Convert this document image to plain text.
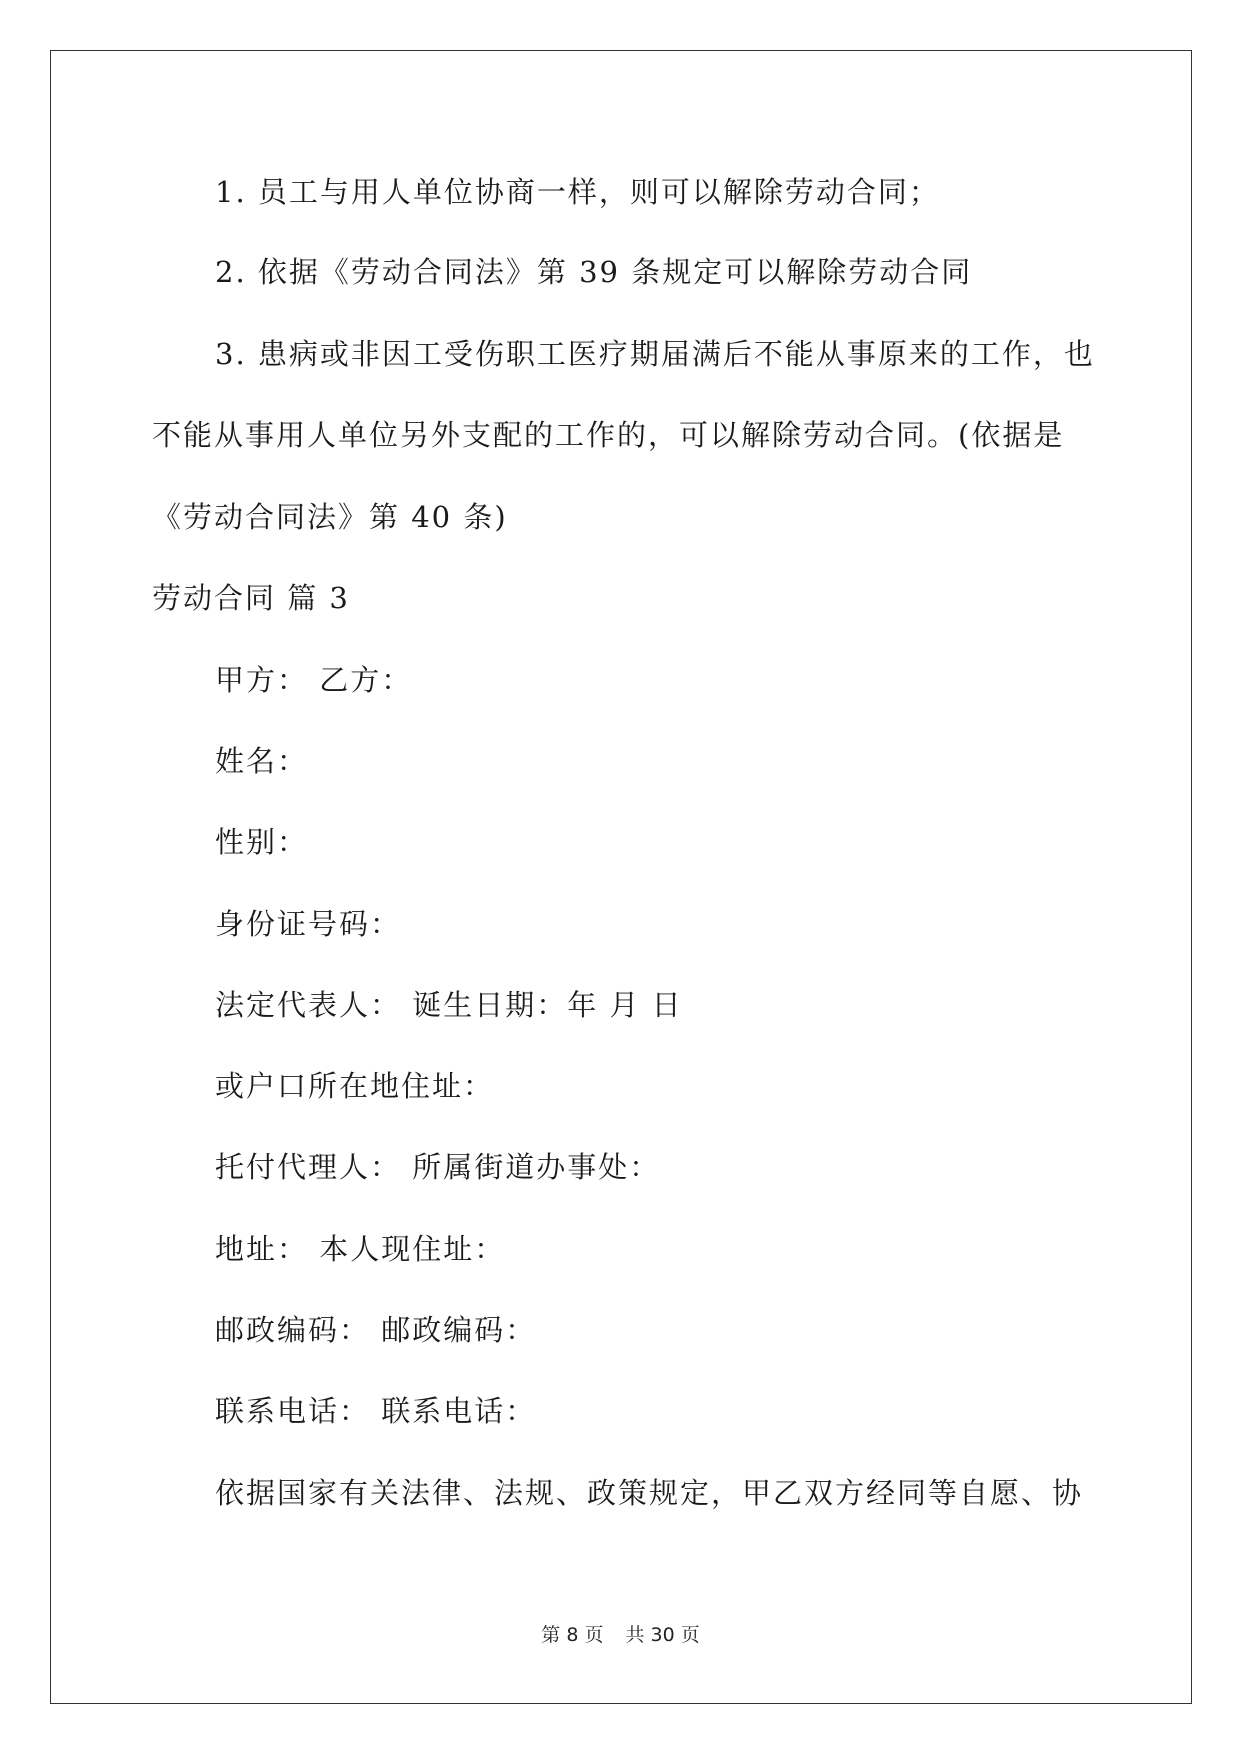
1. 员工与用人单位协商一样，则可以解除劳动合同；
2. 依据《劳动合同法》第 39 条规定可以解除劳动合同
3. 患病或非因工受伤职工医疗期届满后不能从事原来的工作，也
不能从事用人单位另外支配的工作的，可以解除劳动合同。(依据是
《劳动合同法》第 40 条)
劳动合同 篇 3
甲方： 乙方：
姓名：
性别：
身份证号码：
法定代表人： 诞生日期：年 月 日
或户口所在地住址：
托付代理人： 所属街道办事处：
地址： 本人现住址：
邮政编码： 邮政编码：
联系电话： 联系电话：
依据国家有关法律、法规、政策规定，甲乙双方经同等自愿、协
第 8 页 共 30 页
